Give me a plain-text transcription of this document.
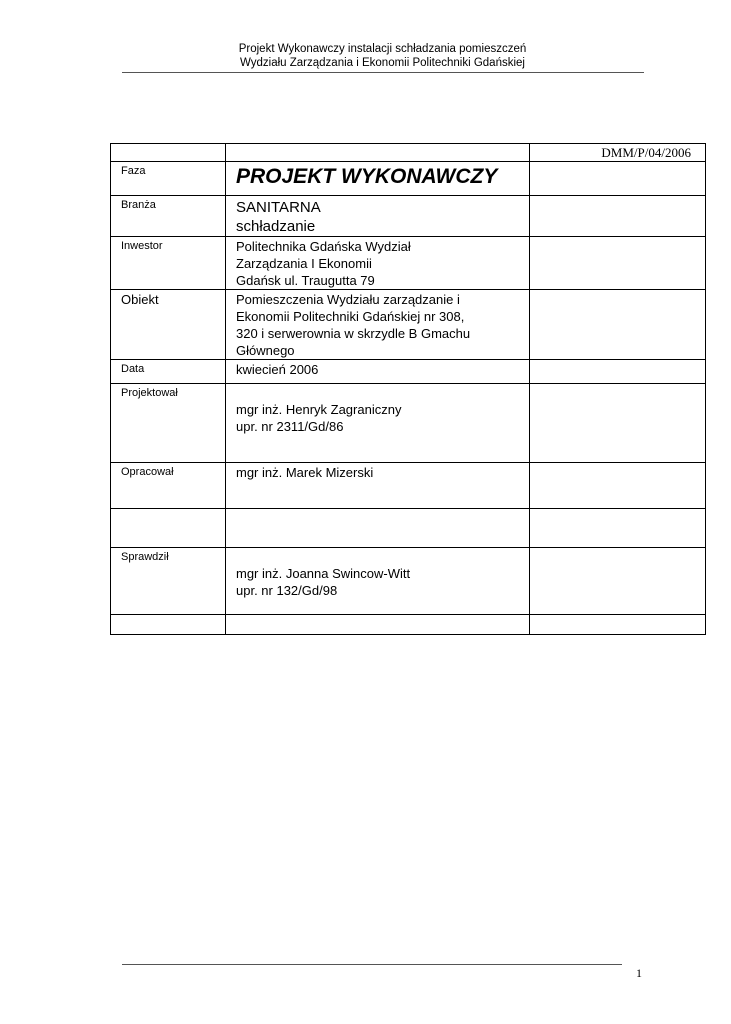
Projekt Wykonawczy instalacji schładzania pomieszczeń
Wydziału Zarządzania i Ekonomii Politechniki Gdańskiej

		DMM/P/04/2006

Faza	PROJEKT WYKONAWCZY	

Branża	SANITARNA
schładzanie	

Inwestor	Politechnika Gdańska Wydział
Zarządzania I Ekonomii
Gdańsk ul. Traugutta 79	

Obiekt	Pomieszczenia Wydziału zarządzanie i
Ekonomii Politechniki Gdańskiej nr 308,
320 i serwerownia w skrzydle B Gmachu
Głównego	

Data	kwiecień 2006	

Projektował	mgr inż. Henryk Zagraniczny
upr. nr 2311/Gd/86	

Opracował	mgr inż. Marek Mizerski	

Sprawdził	mgr inż. Joanna Swincow-Witt
upr. nr 132/Gd/98	

1
